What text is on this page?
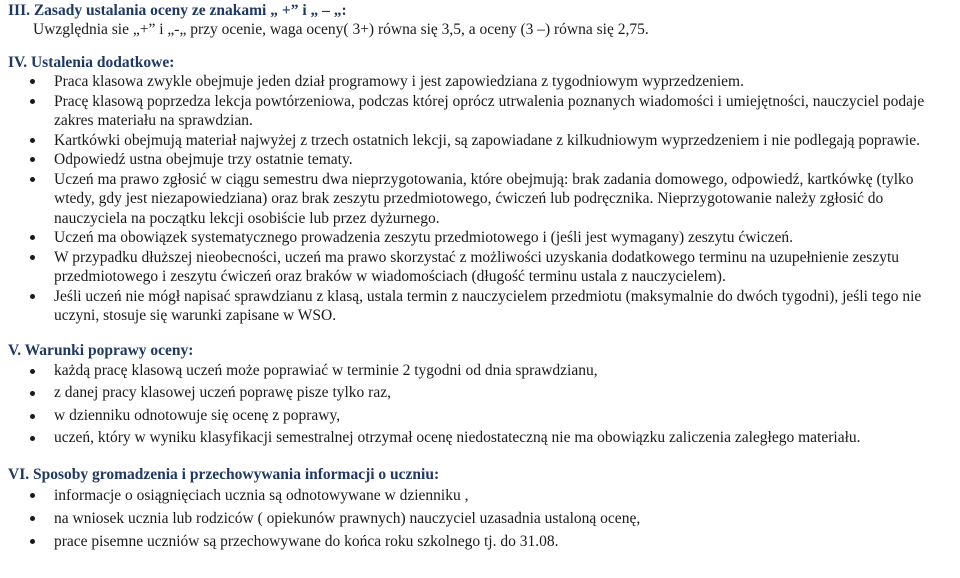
III. Zasady ustalania oceny ze znakami „ +” i „ – „:

Uwzględnia sie „+” i „-„ przy ocenie, waga oceny( 3+) równa się 3,5, a oceny (3 –) równa się 2,75.

IV. Ustalenia dodatkowe:

Praca klasowa zwykle obejmuje jeden dział programowy i jest zapowiedziana z tygodniowym wyprzedzeniem.
Pracę klasową poprzedza lekcja powtórzeniowa, podczas której oprócz utrwalenia poznanych wiadomości i umiejętności, nauczyciel podaje zakres materiału na sprawdzian.
Kartkówki obejmują materiał najwyżej z trzech ostatnich lekcji, są zapowiadane z kilkudniowym wyprzedzeniem i nie podlegają poprawie.
Odpowiedź ustna obejmuje trzy ostatnie tematy.
Uczeń ma prawo zgłosić w ciągu semestru dwa nieprzygotowania, które obejmują: brak zadania domowego, odpowiedź, kartkówkę (tylko wtedy, gdy jest niezapowiedziana) oraz brak zeszytu przedmiotowego, ćwiczeń lub podręcznika. Nieprzygotowanie należy zgłosić do nauczyciela na początku lekcji osobiście lub przez dyżurnego.
Uczeń ma obowiązek systematycznego prowadzenia zeszytu przedmiotowego i (jeśli jest wymagany) zeszytu ćwiczeń.
W przypadku dłuższej nieobecności, uczeń ma prawo skorzystać z możliwości uzyskania dodatkowego terminu na uzupełnienie zeszytu przedmiotowego i zeszytu ćwiczeń oraz braków w wiadomościach (długość terminu ustala z nauczycielem).
Jeśli uczeń nie mógł napisać sprawdzianu z klasą, ustala termin z nauczycielem przedmiotu (maksymalnie do dwóch tygodni), jeśli tego nie uczyni, stosuje się warunki zapisane w WSO.

V. Warunki poprawy oceny:

każdą pracę klasową uczeń może poprawiać w terminie 2 tygodni od dnia sprawdzianu,
z danej pracy klasowej uczeń poprawę pisze tylko raz,
w dzienniku odnotowuje się ocenę z poprawy,
uczeń, który w wyniku klasyfikacji semestralnej otrzymał ocenę niedostateczną nie ma obowiązku zaliczenia zaległego materiału.

VI. Sposoby gromadzenia i przechowywania informacji o uczniu:

informacje o osiągnięciach ucznia są odnotowywane w dzienniku ,
na wniosek ucznia lub rodziców ( opiekunów prawnych) nauczyciel uzasadnia ustaloną ocenę,
prace pisemne uczniów są przechowywane do końca roku szkolnego tj. do 31.08.
